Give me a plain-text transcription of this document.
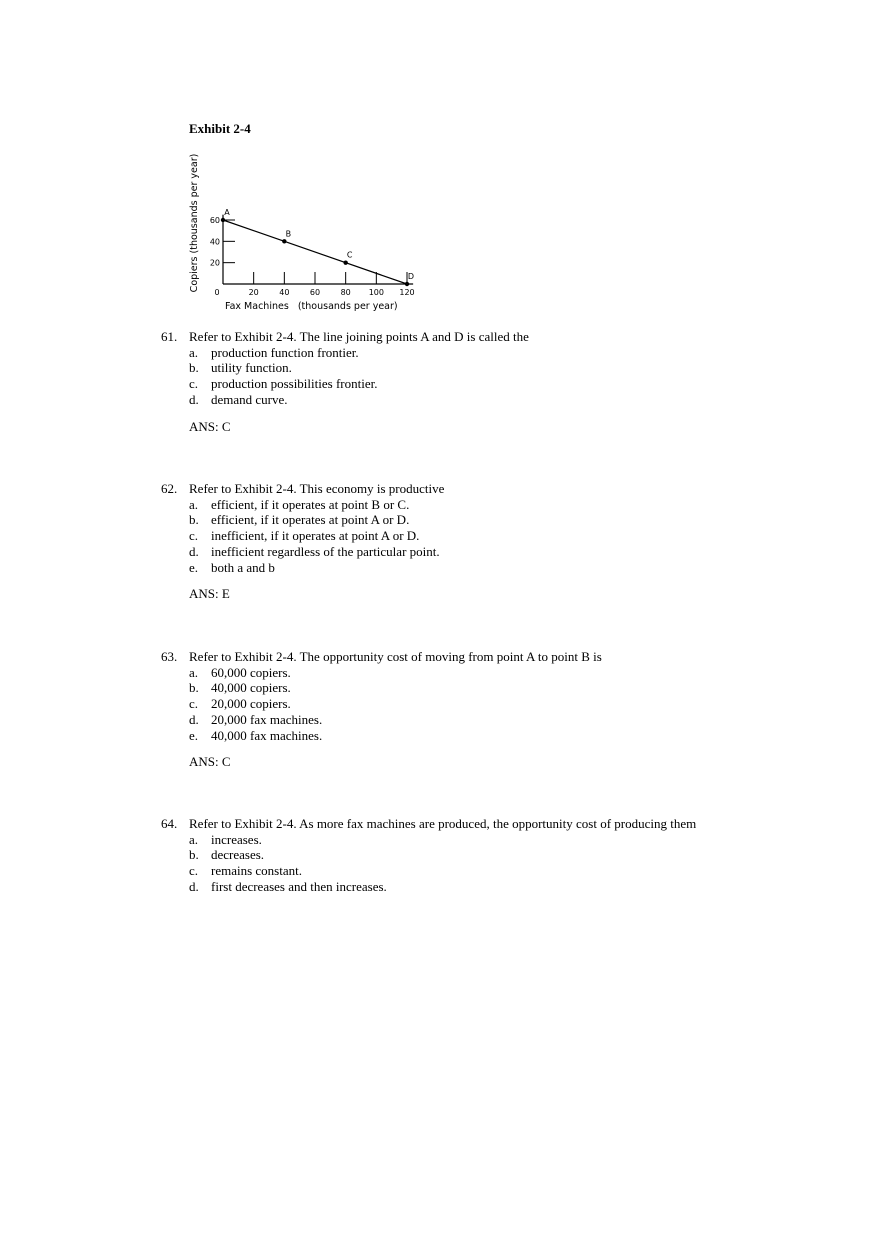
Exhibit 2-4
0	20	40	60	80 100 120
20
40
60
A
B
C
D
Fax Machines   (thousands per year)
Copiers (thousands per year)
61. Refer to Exhibit 2-4. The line joining points A and D is called the
a. production function frontier.
b. utility function.
c. production possibilities frontier.
d. demand curve.
ANS: C
62. Refer to Exhibit 2-4. This economy is productive
a. efficient, if it operates at point B or C.
b. efficient, if it operates at point A or D.
c. inefficient, if it operates at point A or D.
d. inefficient regardless of the particular point.
e. both a and b
ANS: E
63. Refer to Exhibit 2-4. The opportunity cost of moving from point A to point B is
a. 60,000 copiers.
b. 40,000 copiers.
c. 20,000 copiers.
d. 20,000 fax machines.
e. 40,000 fax machines.
ANS: C
64. Refer to Exhibit 2-4. As more fax machines are produced, the opportunity cost of producing them
a. increases.
b. decreases.
c. remains constant.
d. first decreases and then increases.
